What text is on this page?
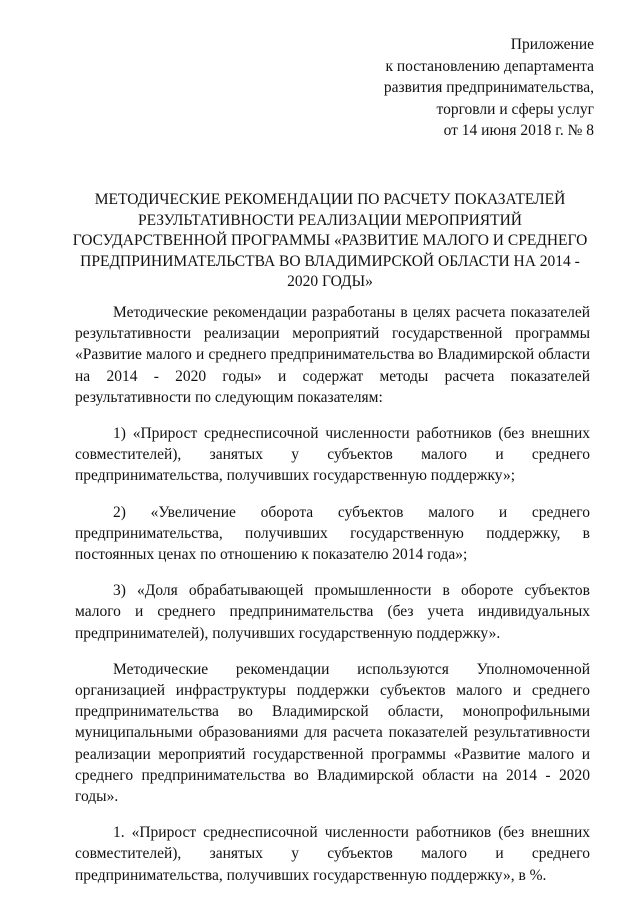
Приложение
к постановлению департамента
развития предпринимательства,
торговли и сферы услуг
от 14 июня 2018 г. № 8
МЕТОДИЧЕСКИЕ РЕКОМЕНДАЦИИ ПО РАСЧЕТУ ПОКАЗАТЕЛЕЙ
РЕЗУЛЬТАТИВНОСТИ РЕАЛИЗАЦИИ МЕРОПРИЯТИЙ
ГОСУДАРСТВЕННОЙ ПРОГРАММЫ «РАЗВИТИЕ МАЛОГО И СРЕДНЕГО
ПРЕДПРИНИМАТЕЛЬСТВА ВО ВЛАДИМИРСКОЙ ОБЛАСТИ НА 2014 -
2020 ГОДЫ»

Методические рекомендации разработаны в целях расчета показателей результативности реализации мероприятий государственной программы «Развитие малого и среднего предпринимательства во Владимирской области на 2014 - 2020 годы» и содержат методы расчета показателей результативности по следующим показателям:

1) «Прирост среднесписочной численности работников (без внешних совместителей), занятых у субъектов малого и среднего предпринимательства, получивших государственную поддержку»;

2) «Увеличение оборота субъектов малого и среднего предпринимательства, получивших государственную поддержку, в постоянных ценах по отношению к показателю 2014 года»;

3) «Доля обрабатывающей промышленности в обороте субъектов малого и среднего предпринимательства (без учета индивидуальных предпринимателей), получивших государственную поддержку».

Методические рекомендации используются Уполномоченной организацией инфраструктуры поддержки субъектов малого и среднего предпринимательства во Владимирской области, монопрофильными муниципальными образованиями для расчета показателей результативности реализации мероприятий государственной программы «Развитие малого и среднего предпринимательства во Владимирской области на 2014 - 2020 годы».

1. «Прирост среднесписочной численности работников (без внешних совместителей), занятых у субъектов малого и среднего предпринимательства, получивших государственную поддержку», в %.
